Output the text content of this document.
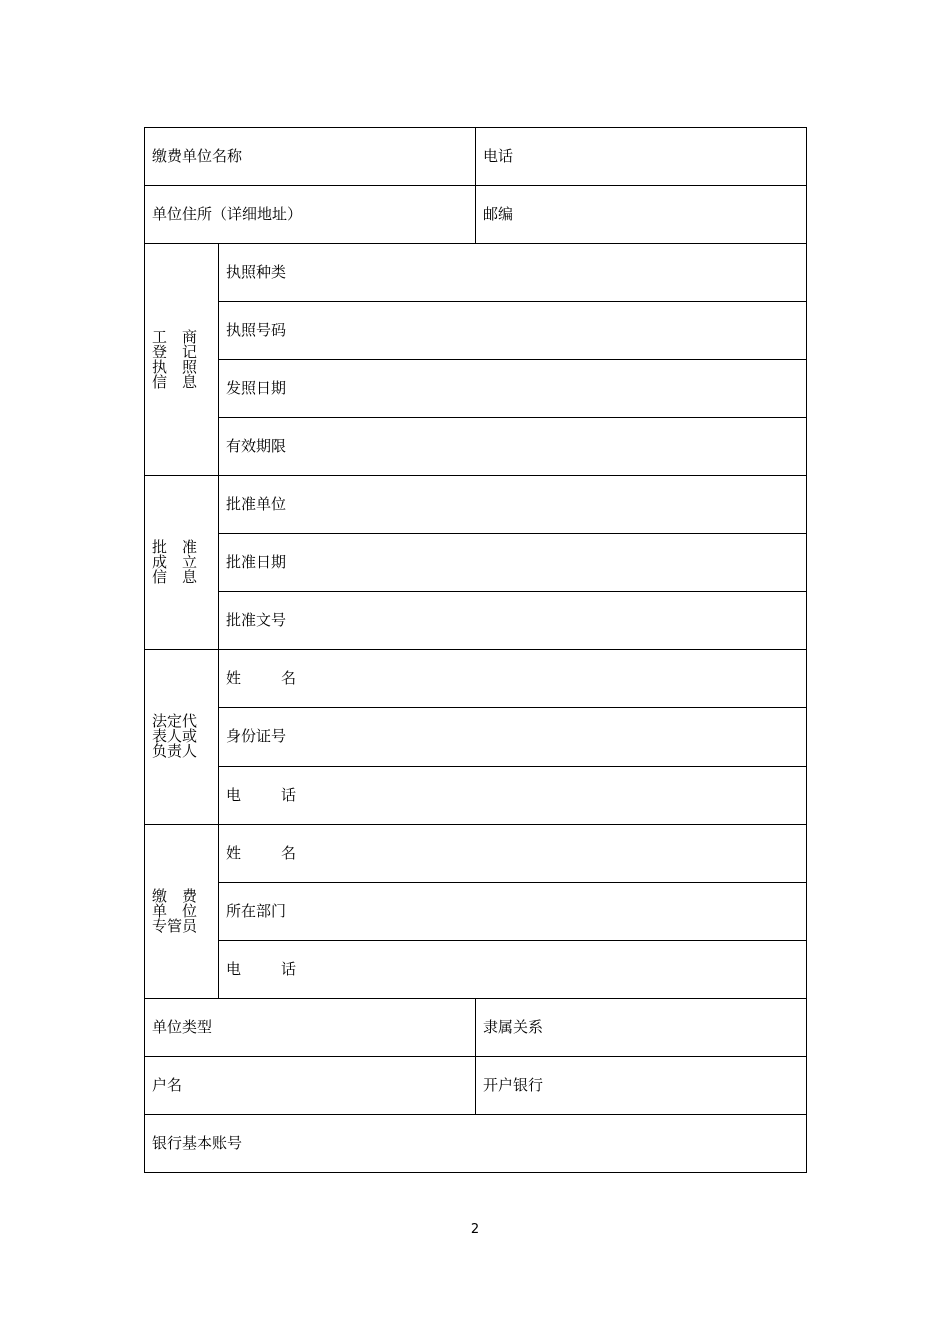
缴费单位名称		电话
单位住所（详细地址）		邮编

工　商
登　记
执　照
信　息	执照种类	
	执照号码	
	发照日期	
	有效期限	

批　准
成　立
信　息	批准单位	
	批准日期	
	批准文号	

法定代
表人或
负责人	姓 名	
	身份证号	
	电 话	

缴　费
单　位
专管员	姓 名	
	所在部门	
	电 话	
单位类型		隶属关系
户名		开户银行
银行基本账号		
2
